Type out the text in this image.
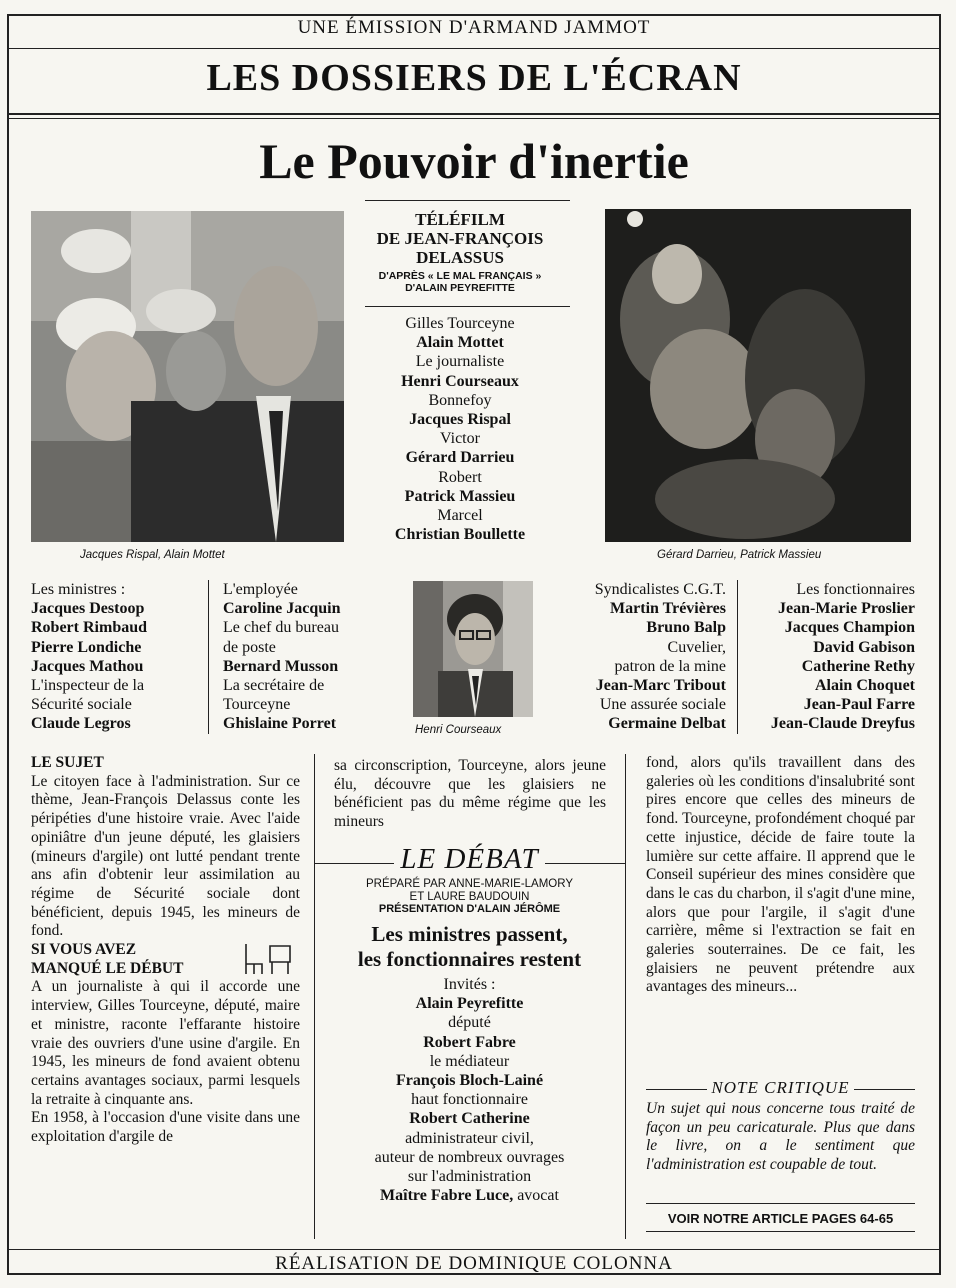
UNE ÉMISSION D'ARMAND JAMMOT
LES DOSSIERS DE L'ÉCRAN
Le Pouvoir d'inertie
Jacques Rispal, Alain Mottet
TÉLÉFILM
DE JEAN-FRANÇOIS
DELASSUS
D'APRÈS « LE MAL FRANÇAIS »
D'ALAIN PEYREFITTE
Gilles Tourceyne
Alain Mottet
Le journaliste
Henri Courseaux
Bonnefoy
Jacques Rispal
Victor
Gérard Darrieu
Robert
Patrick Massieu
Marcel
Christian Boullette
Gérard Darrieu, Patrick Massieu
Les ministres :
Jacques Destoop
Robert Rimbaud
Pierre Londiche
Jacques Mathou
L'inspecteur de la
Sécurité sociale
Claude Legros
L'employée
Caroline Jacquin
Le chef du bureau
de poste
Bernard Musson
La secrétaire de
Tourceyne
Ghislaine Porret	Henri Courseaux
Syndicalistes C.G.T.
Martin Trévières
Bruno Balp
Cuvelier,
patron de la mine
Jean-Marc Tribout
Une assurée sociale
Germaine Delbat
Les fonctionnaires
Jean-Marie Proslier
Jacques Champion
David Gabison
Catherine Rethy
Alain Choquet
Jean-Paul Farre
Jean-Claude Dreyfus
LE SUJET

Le citoyen face à l'administration. Sur ce thème, Jean-François Delassus conte les péripéties d'une histoire vraie. Avec l'aide opiniâtre d'un jeune député, les glaisiers (mineurs d'argile) ont lutté pendant trente ans afin d'obtenir leur assimilation au régime de Sécurité sociale dont bénéficient, depuis 1945, les mineurs de fond.

SI VOUS AVEZ
MANQUÉ LE DÉBUT

A un journaliste à qui il accorde une interview, Gilles Tourceyne, député, maire et ministre, raconte l'effarante histoire vraie des ouvriers d'une usine d'argile. En 1945, les mineurs de fond avaient obtenu certains avantages sociaux, parmi lesquels la retraite à cinquante ans.

En 1958, à l'occasion d'une visite dans une exploitation d'argile de

sa circonscription, Tourceyne, alors jeune élu, découvre que les glaisiers ne bénéficient pas du même régime que les mineurs
LE DÉBAT
PRÉPARÉ PAR ANNE-MARIE-LAMORY
ET LAURE BAUDOUIN
PRÉSENTATION D'ALAIN JÉRÔME
Les ministres passent,
les fonctionnaires restent
Invités :
Alain Peyrefitte
député
Robert Fabre
le médiateur
François Bloch-Lainé
haut fonctionnaire
Robert Catherine
administrateur civil,
auteur de nombreux ouvrages
sur l'administration
Maître Fabre Luce, avocat
fond, alors qu'ils travaillent dans des galeries où les conditions d'insalubrité sont pires encore que celles des mineurs de fond. Tourceyne, profondément choqué par cette injustice, décide de faire toute la lumière sur cette affaire. Il apprend que le Conseil supérieur des mines considère que dans le cas du charbon, il s'agit d'une mine, alors que pour l'argile, il s'agit d'une carrière, même si l'extraction se fait en galeries souterraines. De ce fait, les glaisiers ne peuvent prétendre aux avantages des mineurs...
NOTE CRITIQUE
Un sujet qui nous concerne tous traité de façon un peu caricaturale. Plus que dans le livre, on a le sentiment que l'administration est coupable de tout.
VOIR NOTRE ARTICLE PAGES 64-65
RÉALISATION DE DOMINIQUE COLONNA
